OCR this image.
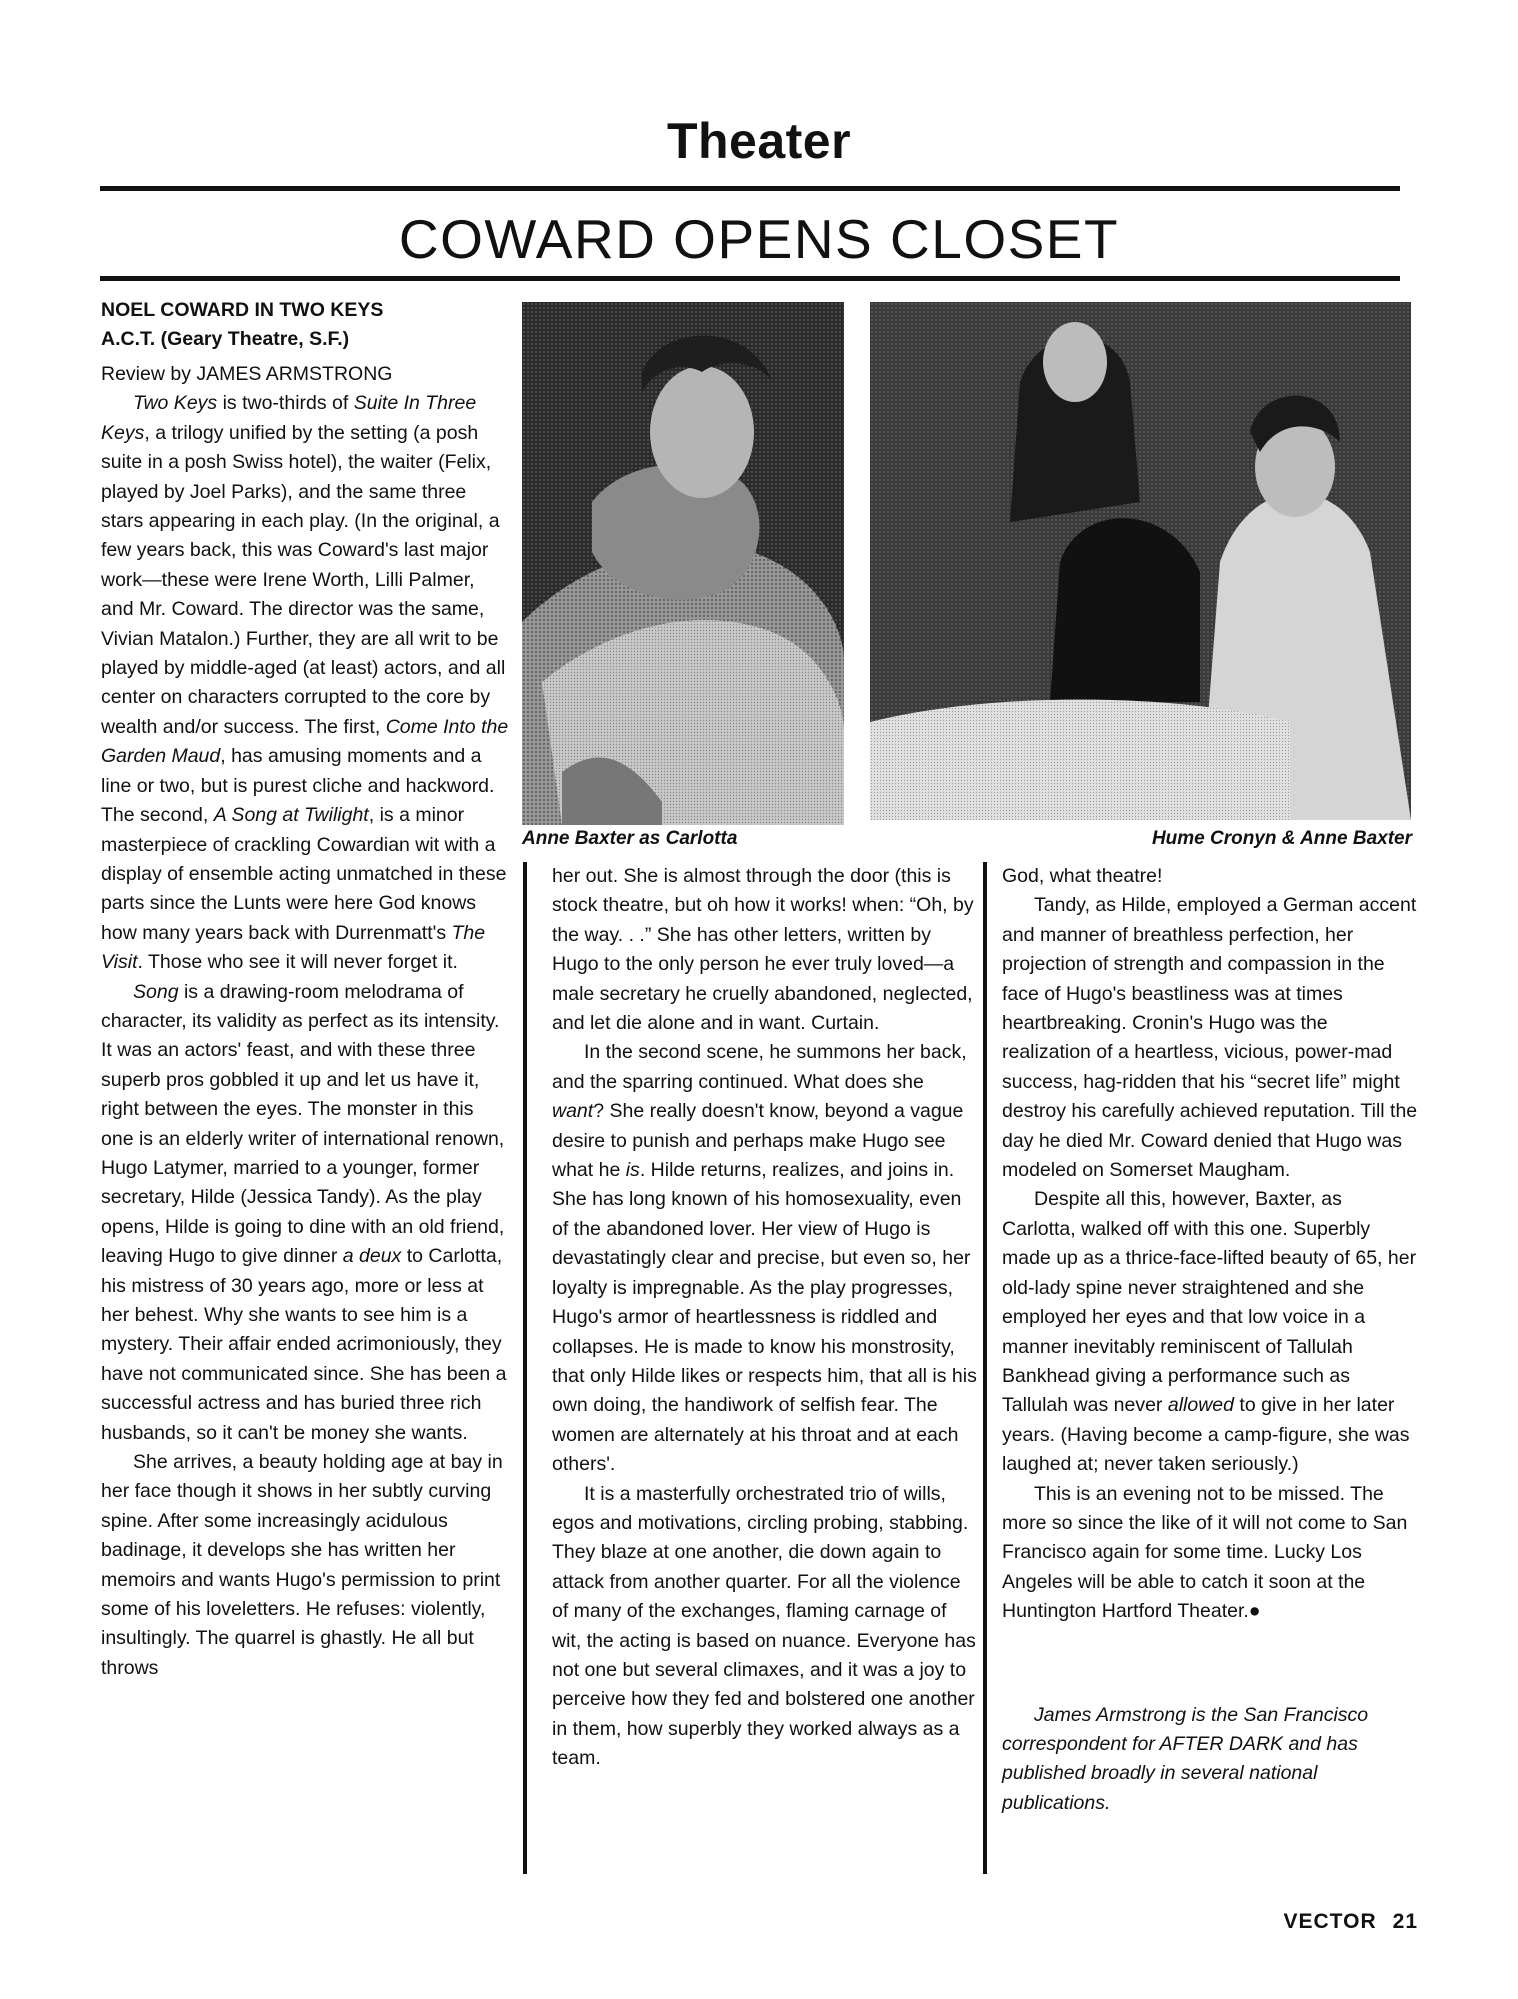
Theater
COWARD OPENS CLOSET
Anne Baxter as Carlotta	Hume Cronyn & Anne Baxter

NOEL COWARD IN TWO KEYS

A.C.T. (Geary Theatre, S.F.)

Review by JAMES ARMSTRONG

Two Keys is two-thirds of Suite In Three Keys, a trilogy unified by the setting (a posh suite in a posh Swiss hotel), the waiter (Felix, played by Joel Parks), and the same three stars appearing in each play. (In the original, a few years back, this was Coward's last major work—these were Irene Worth, Lilli Palmer, and Mr. Coward. The director was the same, Vivian Matalon.) Further, they are all writ to be played by middle-aged (at least) actors, and all center on characters corrupted to the core by wealth and/or success. The first, Come Into the Garden Maud, has amusing moments and a line or two, but is purest cliche and hackword. The second, A Song at Twilight, is a minor masterpiece of crackling Cowardian wit with a display of ensemble acting unmatched in these parts since the Lunts were here God knows how many years back with Durrenmatt's The Visit. Those who see it will never forget it.

Song is a drawing-room melodrama of character, its validity as perfect as its intensity. It was an actors' feast, and with these three superb pros gobbled it up and let us have it, right between the eyes. The monster in this one is an elderly writer of international renown, Hugo Latymer, married to a younger, former secretary, Hilde (Jessica Tandy). As the play opens, Hilde is going to dine with an old friend, leaving Hugo to give dinner a deux to Carlotta, his mistress of 30 years ago, more or less at her behest. Why she wants to see him is a mystery. Their affair ended acrimoniously, they have not communicated since. She has been a successful actress and has buried three rich husbands, so it can't be money she wants.

She arrives, a beauty holding age at bay in her face though it shows in her subtly curving spine. After some increasingly acidulous badinage, it develops she has written her memoirs and wants Hugo's permission to print some of his loveletters. He refuses: violently, insultingly. The quarrel is ghastly. He all but throws

her out. She is almost through the door (this is stock theatre, but oh how it works! when: “Oh, by the way. . .” She has other letters, written by Hugo to the only person he ever truly loved—a male secretary he cruelly abandoned, neglected, and let die alone and in want. Curtain.

In the second scene, he summons her back, and the sparring continued. What does she want? She really doesn't know, beyond a vague desire to punish and perhaps make Hugo see what he is. Hilde returns, realizes, and joins in. She has long known of his homosexuality, even of the abandoned lover. Her view of Hugo is devastatingly clear and precise, but even so, her loyalty is impregnable. As the play progresses, Hugo's armor of heartlessness is riddled and collapses. He is made to know his monstrosity, that only Hilde likes or respects him, that all is his own doing, the handiwork of selfish fear. The women are alternately at his throat and at each others'.

It is a masterfully orchestrated trio of wills, egos and motivations, circling probing, stabbing. They blaze at one another, die down again to attack from another quarter. For all the violence of many of the exchanges, flaming carnage of wit, the acting is based on nuance. Everyone has not one but several climaxes, and it was a joy to perceive how they fed and bolstered one another in them, how superbly they worked always as a team.

God, what theatre!

Tandy, as Hilde, employed a German accent and manner of breathless perfection, her projection of strength and compassion in the face of Hugo's beastliness was at times heartbreaking. Cronin's Hugo was the realization of a heartless, vicious, power-mad success, hag-ridden that his “secret life” might destroy his carefully achieved reputation. Till the day he died Mr. Coward denied that Hugo was modeled on Somerset Maugham.

Despite all this, however, Baxter, as Carlotta, walked off with this one. Superbly made up as a thrice-face-lifted beauty of 65, her old-lady spine never straightened and she employed her eyes and that low voice in a manner inevitably reminiscent of Tallulah Bankhead giving a performance such as Tallulah was never allowed to give in her later years. (Having become a camp-figure, she was laughed at; never taken seriously.)

This is an evening not to be missed. The more so since the like of it will not come to San Francisco again for some time. Lucky Los Angeles will be able to catch it soon at the Huntington Hartford Theater.●

James Armstrong is the San Francisco correspondent for AFTER DARK and has published broadly in several national publications.

VECTOR 21
